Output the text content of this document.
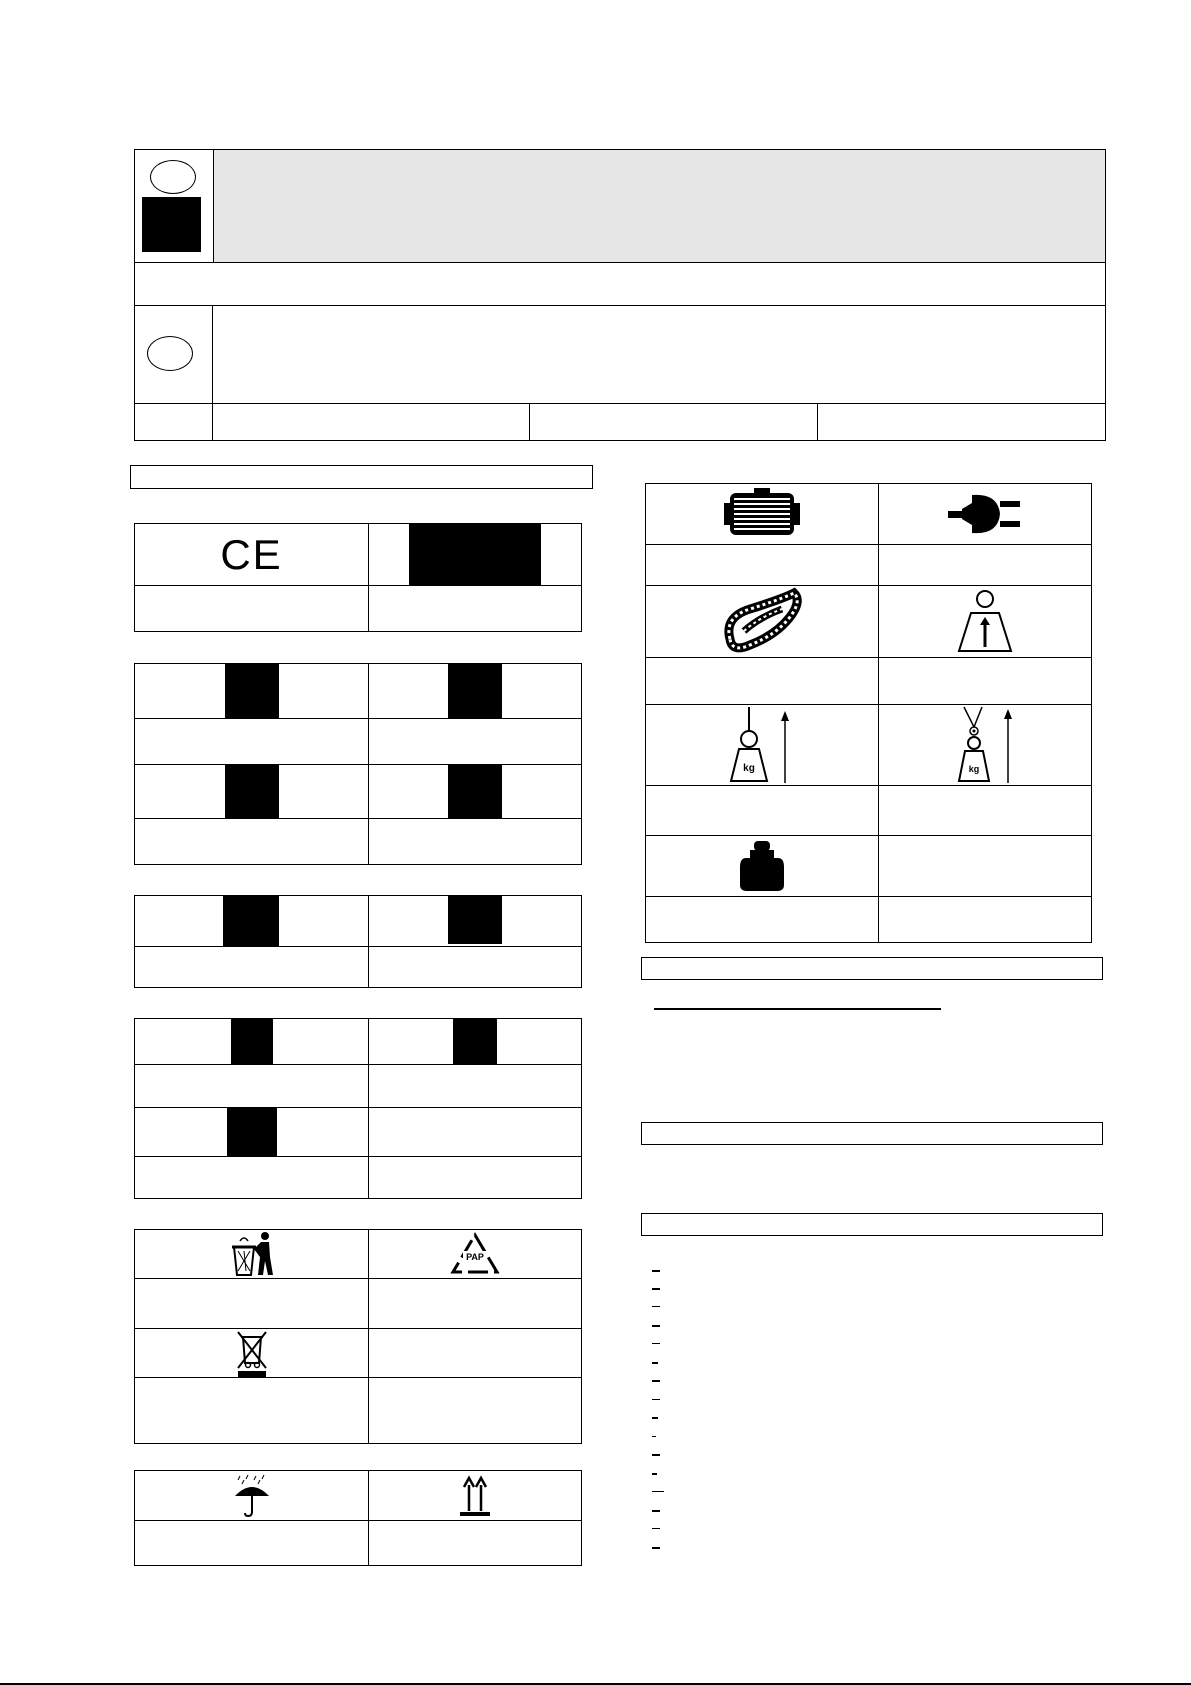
CE
PAP
kg	kg
